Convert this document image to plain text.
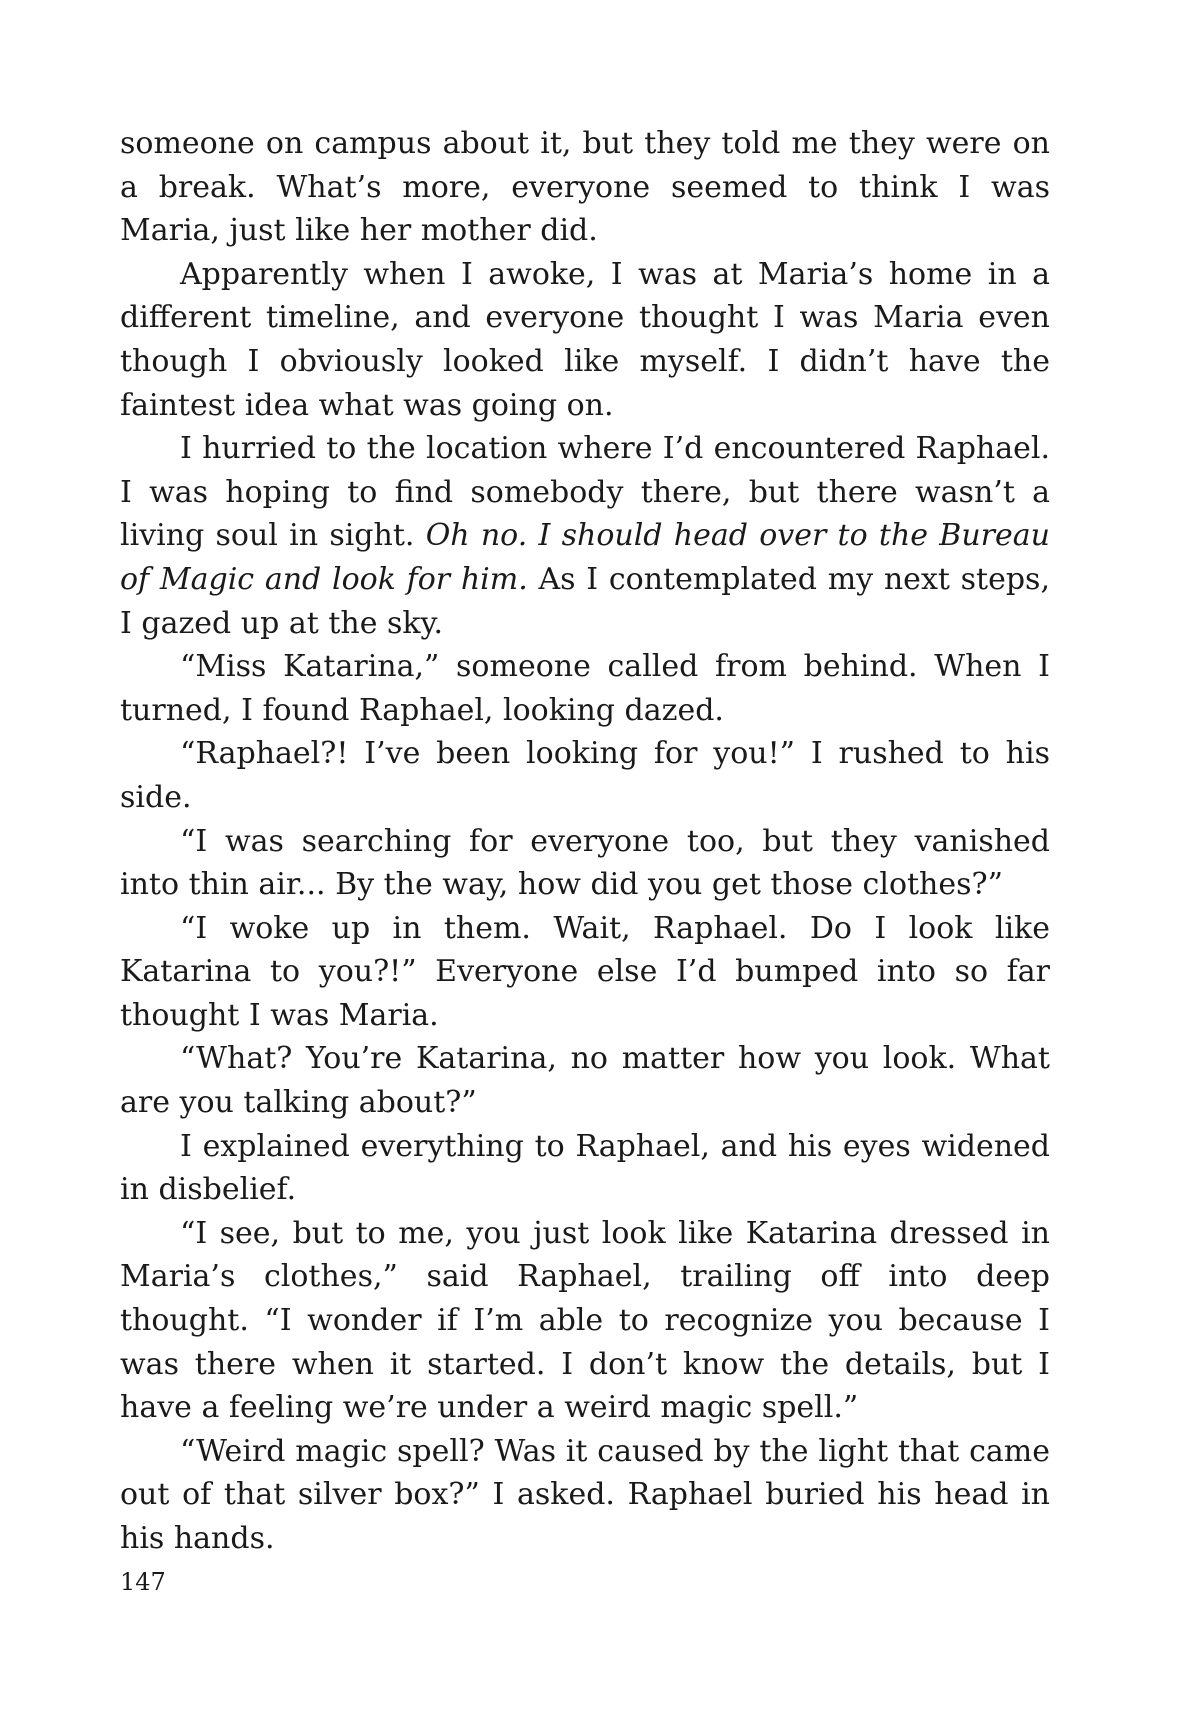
someone on campus about it, but they told me they were on a break. What’s more, everyone seemed to think I was Maria, just like her mother did.

Apparently when I awoke, I was at Maria’s home in a different timeline, and everyone thought I was Maria even though I obviously looked like myself. I didn’t have the faintest idea what was going on.

I hurried to the location where I’d encountered Raphael. I was hoping to find somebody there, but there wasn’t a living soul in sight. Oh no. I should head over to the Bureau of Magic and look for him. As I contemplated my next steps, I gazed up at the sky.

“Miss Katarina,” someone called from behind. When I turned, I found Raphael, looking dazed.

“Raphael?! I’ve been looking for you!” I rushed to his side.

“I was searching for everyone too, but they vanished into thin air... By the way, how did you get those clothes?”

“I woke up in them. Wait, Raphael. Do I look like Katarina to you?!” Everyone else I’d bumped into so far thought I was Maria.

“What? You’re Katarina, no matter how you look. What are you talking about?”

I explained everything to Raphael, and his eyes widened in disbelief.

“I see, but to me, you just look like Katarina dressed in Maria’s clothes,” said Raphael, trailing off into deep thought. “I wonder if I’m able to recognize you because I was there when it started. I don’t know the details, but I have a feeling we’re under a weird magic spell.”

“Weird magic spell? Was it caused by the light that came out of that silver box?” I asked. Raphael buried his head in his hands.

147
